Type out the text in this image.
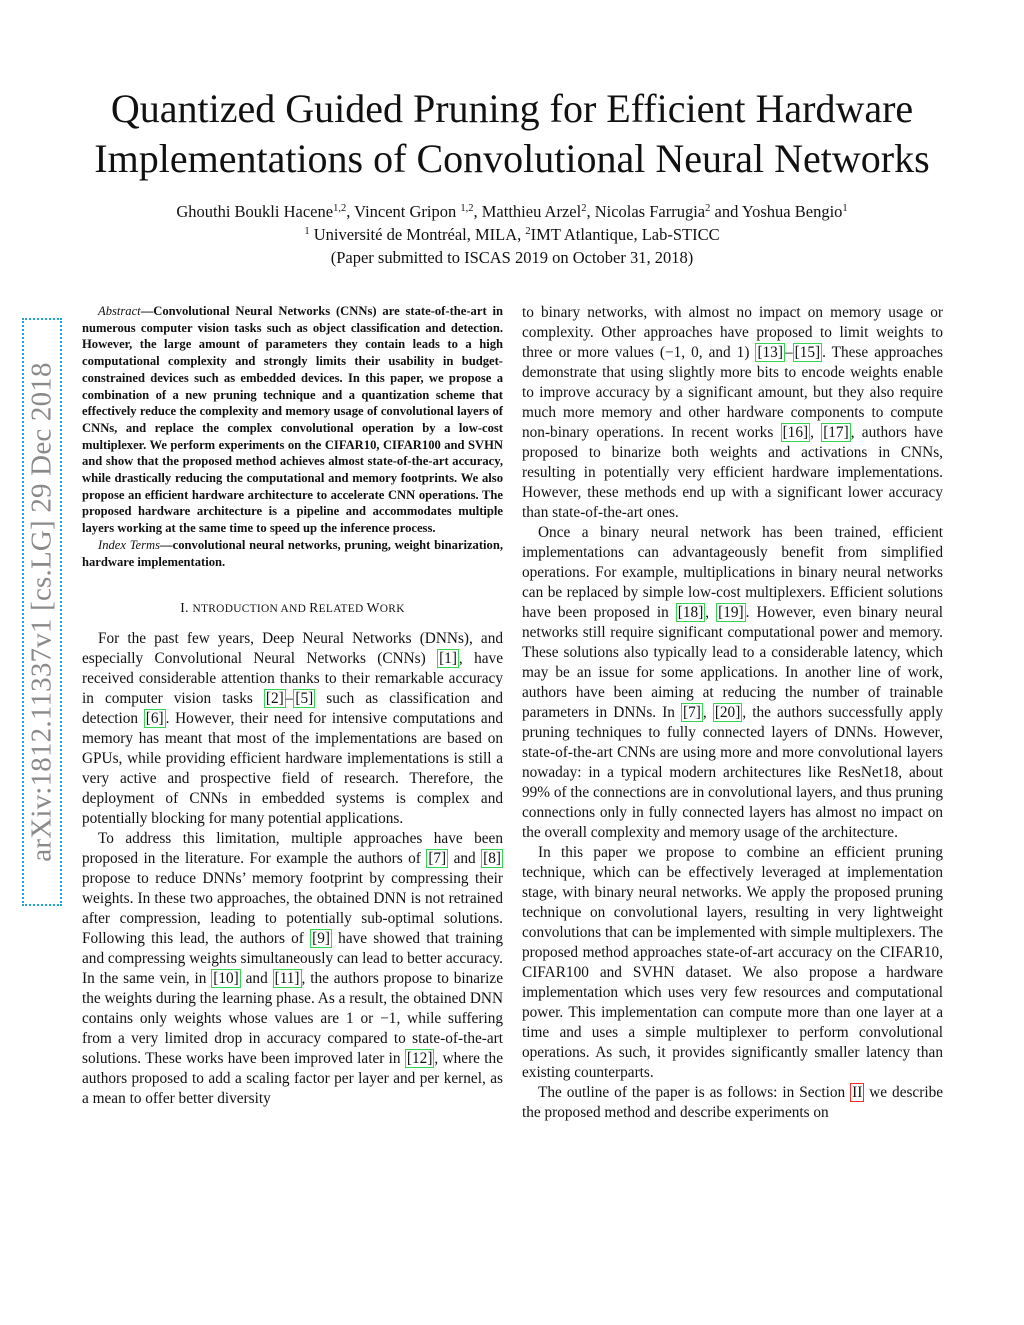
arXiv:1812.11337v1 [cs.LG] 29 Dec 2018
Quantized Guided Pruning for Efficient Hardware
Implementations of Convolutional Neural Networks
Ghouthi Boukli Hacene$^{1,2}$, Vincent Gripon $^{1,2}$, Matthieu Arzel$^2$, Nicolas Farrugia$^2$ and Yoshua Bengio$^1$
$^1$ Université de Montréal, MILA, $^2$IMT Atlantique, Lab-STICC
(Paper submitted to ISCAS 2019 on October 31, 2018)

Abstract—Convolutional Neural Networks (CNNs) are state-of-the-art in numerous computer vision tasks such as object classification and detection. However, the large amount of parameters they contain leads to a high computational complexity and strongly limits their usability in budget-constrained devices such as embedded devices. In this paper, we propose a combination of a new pruning technique and a quantization scheme that effectively reduce the complexity and memory usage of convolutional layers of CNNs, and replace the complex convolutional operation by a low-cost multiplexer. We perform experiments on the CIFAR10, CIFAR100 and SVHN and show that the proposed method achieves almost state-of-the-art accuracy, while drastically reducing the computational and memory footprints. We also propose an efficient hardware architecture to accelerate CNN operations. The proposed hardware architecture is a pipeline and accommodates multiple layers working at the same time to speed up the inference process.

Index Terms—convolutional neural networks, pruning, weight binarization, hardware implementation.

I. NTRODUCTION AND RELATED WORK

For the past few years, Deep Neural Networks (DNNs), and especially Convolutional Neural Networks (CNNs) [1] , have received considerable attention thanks to their remarkable accuracy in computer vision tasks [2] – [5] such as classification and detection [6] . However, their need for intensive computations and memory has meant that most of the implementations are based on GPUs, while providing efficient hardware implementations is still a very active and prospective field of research. Therefore, the deployment of CNNs in embedded systems is complex and potentially blocking for many potential applications.

To address this limitation, multiple approaches have been proposed in the literature. For example the authors of [7] and [8] propose to reduce DNNs’ memory footprint by compressing their weights. In these two approaches, the obtained DNN is not retrained after compression, leading to potentially sub-optimal solutions. Following this lead, the authors of [9] have showed that training and compressing weights simultaneously can lead to better accuracy. In the same vein, in [10] and [11] , the authors propose to binarize the weights during the learning phase. As a result, the obtained DNN contains only weights whose values are 1 or −1, while suffering from a very limited drop in accuracy compared to state-of-the-art solutions. These works have been improved later in [12] , where the authors proposed to add a scaling factor per layer and per kernel, as a mean to offer better diversity

to binary networks, with almost no impact on memory usage or complexity. Other approaches have proposed to limit weights to three or more values (−1, 0, and 1) [13] – [15] . These approaches demonstrate that using slightly more bits to encode weights enable to improve accuracy by a significant amount, but they also require much more memory and other hardware components to compute non-binary operations. In recent works [16] , [17] , authors have proposed to binarize both weights and activations in CNNs, resulting in potentially very efficient hardware implementations. However, these methods end up with a significant lower accuracy than state-of-the-art ones.

Once a binary neural network has been trained, efficient implementations can advantageously benefit from simplified operations. For example, multiplications in binary neural networks can be replaced by simple low-cost multiplexers. Efficient solutions have been proposed in [18] , [19] . However, even binary neural networks still require significant computational power and memory. These solutions also typically lead to a considerable latency, which may be an issue for some applications. In another line of work, authors have been aiming at reducing the number of trainable parameters in DNNs. In [7] , [20] , the authors successfully apply pruning techniques to fully connected layers of DNNs. However, state-of-the-art CNNs are using more and more convolutional layers nowaday: in a typical modern architectures like ResNet18, about 99% of the connections are in convolutional layers, and thus pruning connections only in fully connected layers has almost no impact on the overall complexity and memory usage of the architecture.

In this paper we propose to combine an efficient pruning technique, which can be effectively leveraged at implementation stage, with binary neural networks. We apply the proposed pruning technique on convolutional layers, resulting in very lightweight convolutions that can be implemented with simple multiplexers. The proposed method approaches state-of-art accuracy on the CIFAR10, CIFAR100 and SVHN dataset. We also propose a hardware implementation which uses very few resources and computational power. This implementation can compute more than one layer at a time and uses a simple multiplexer to perform convolutional operations. As such, it provides significantly smaller latency than existing counterparts.

The outline of the paper is as follows: in Section II we describe the proposed method and describe experiments on
